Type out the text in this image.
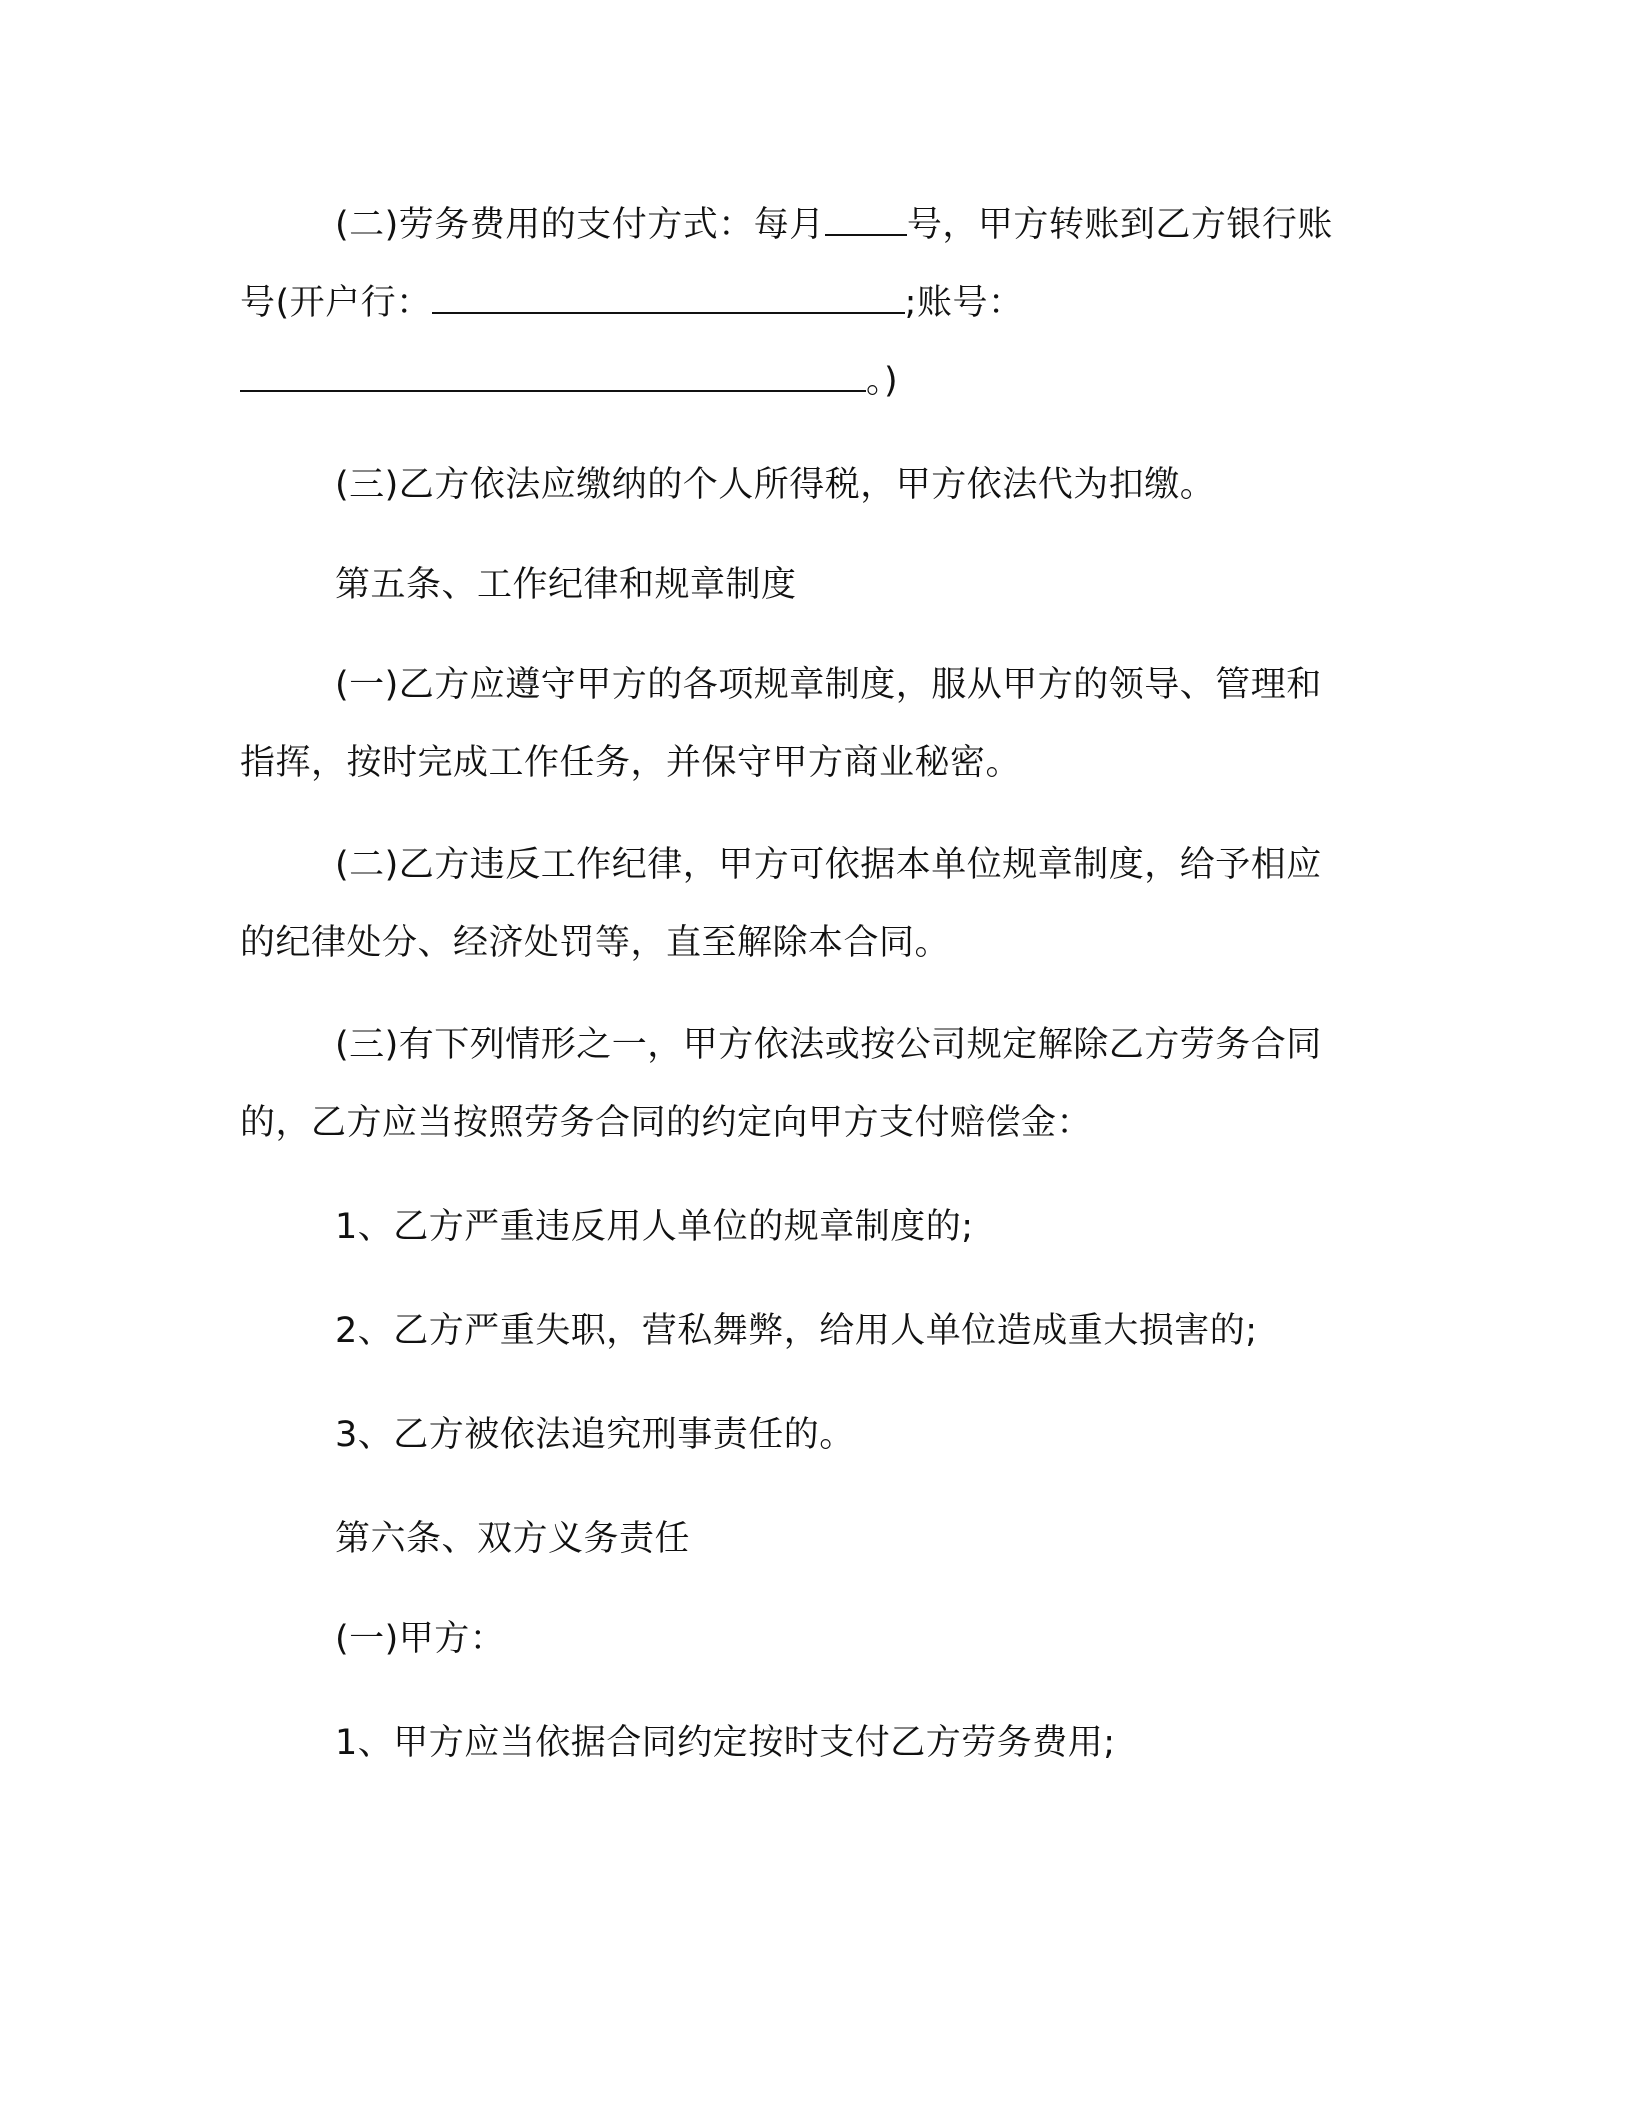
(二)劳务费用的支付方式：每月 号，甲方转账到乙方银行账

号(开户行：	;账号：

。)

(三)乙方依法应缴纳的个人所得税，甲方依法代为扣缴。

第五条、工作纪律和规章制度

(一)乙方应遵守甲方的各项规章制度，服从甲方的领导、管理和

指挥，按时完成工作任务，并保守甲方商业秘密。

(二)乙方违反工作纪律，甲方可依据本单位规章制度，给予相应

的纪律处分、经济处罚等，直至解除本合同。

(三)有下列情形之一，甲方依法或按公司规定解除乙方劳务合同

的，乙方应当按照劳务合同的约定向甲方支付赔偿金：

1、乙方严重违反用人单位的规章制度的;

2、乙方严重失职，营私舞弊，给用人单位造成重大损害的;

3、乙方被依法追究刑事责任的。

第六条、双方义务责任

(一)甲方：

1、甲方应当依据合同约定按时支付乙方劳务费用;
